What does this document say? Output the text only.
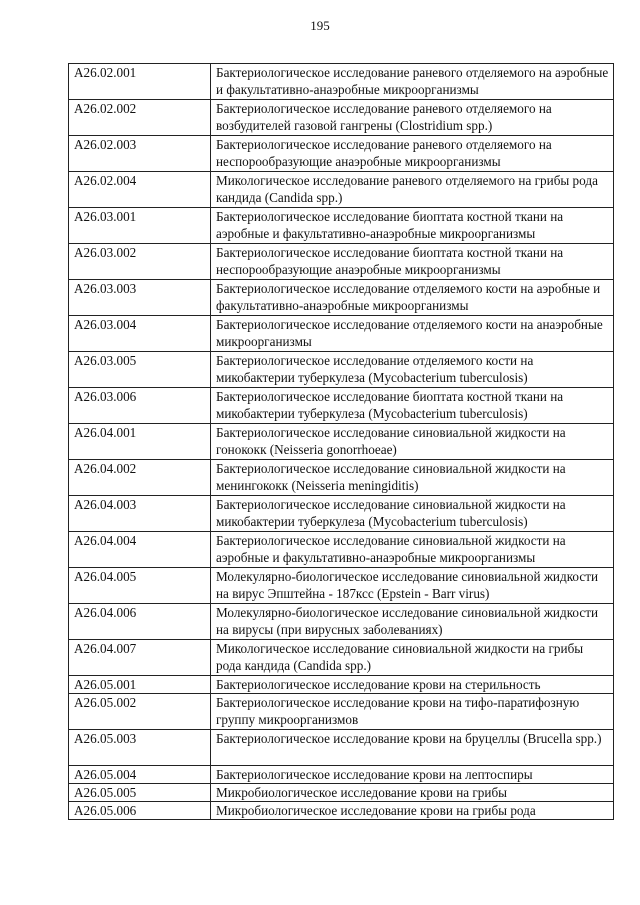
195
A26.02.001	Бактериологическое исследование раневого отделяемого на аэробные и факультативно-анаэробные микроорганизмы
A26.02.002	Бактериологическое исследование раневого отделяемого на возбудителей газовой гангрены (Clostridium spp.)
A26.02.003	Бактериологическое исследование раневого отделяемого на неспорообразующие анаэробные микроорганизмы
A26.02.004	Микологическое исследование раневого отделяемого на грибы рода кандида (Candida spp.)
A26.03.001	Бактериологическое исследование биоптата костной ткани на аэробные и факультативно-анаэробные микроорганизмы
A26.03.002	Бактериологическое исследование биоптата костной ткани на неспорообразующие анаэробные микроорганизмы
A26.03.003	Бактериологическое исследование отделяемого кости на аэробные и факультативно-анаэробные микроорганизмы
A26.03.004	Бактериологическое исследование отделяемого кости на анаэробные микроорганизмы
A26.03.005	Бактериологическое исследование отделяемого кости на микобактерии туберкулеза (Mycobacterium tuberculosis)
A26.03.006	Бактериологическое исследование биоптата костной ткани на микобактерии туберкулеза (Mycobacterium tuberculosis)
A26.04.001	Бактериологическое исследование синовиальной жидкости на гонококк (Neisseria gonorrhoeae)
A26.04.002	Бактериологическое исследование синовиальной жидкости на менингококк (Neisseria meningiditis)
A26.04.003	Бактериологическое исследование синовиальной жидкости на микобактерии туберкулеза (Mycobacterium tuberculosis)
A26.04.004	Бактериологическое исследование синовиальной жидкости на аэробные и факультативно-анаэробные микроорганизмы
A26.04.005	Молекулярно-биологическое исследование синовиальной жидкости на вирус Эпштейна - 187ксс (Epstein - Barr virus)
A26.04.006	Молекулярно-биологическое исследование синовиальной жидкости на вирусы (при вирусных заболеваниях)
A26.04.007	Микологическое исследование синовиальной жидкости на грибы рода кандида (Candida spp.)
A26.05.001	Бактериологическое исследование крови на стерильность
A26.05.002	Бактериологическое исследование крови на тифо-паратифозную группу микроорганизмов
A26.05.003	Бактериологическое исследование крови на бруцеллы (Brucella spp.)
A26.05.004	Бактериологическое исследование крови на лептоспиры
A26.05.005	Микробиологическое исследование крови на грибы
A26.05.006	Микробиологическое исследование крови на грибы рода
